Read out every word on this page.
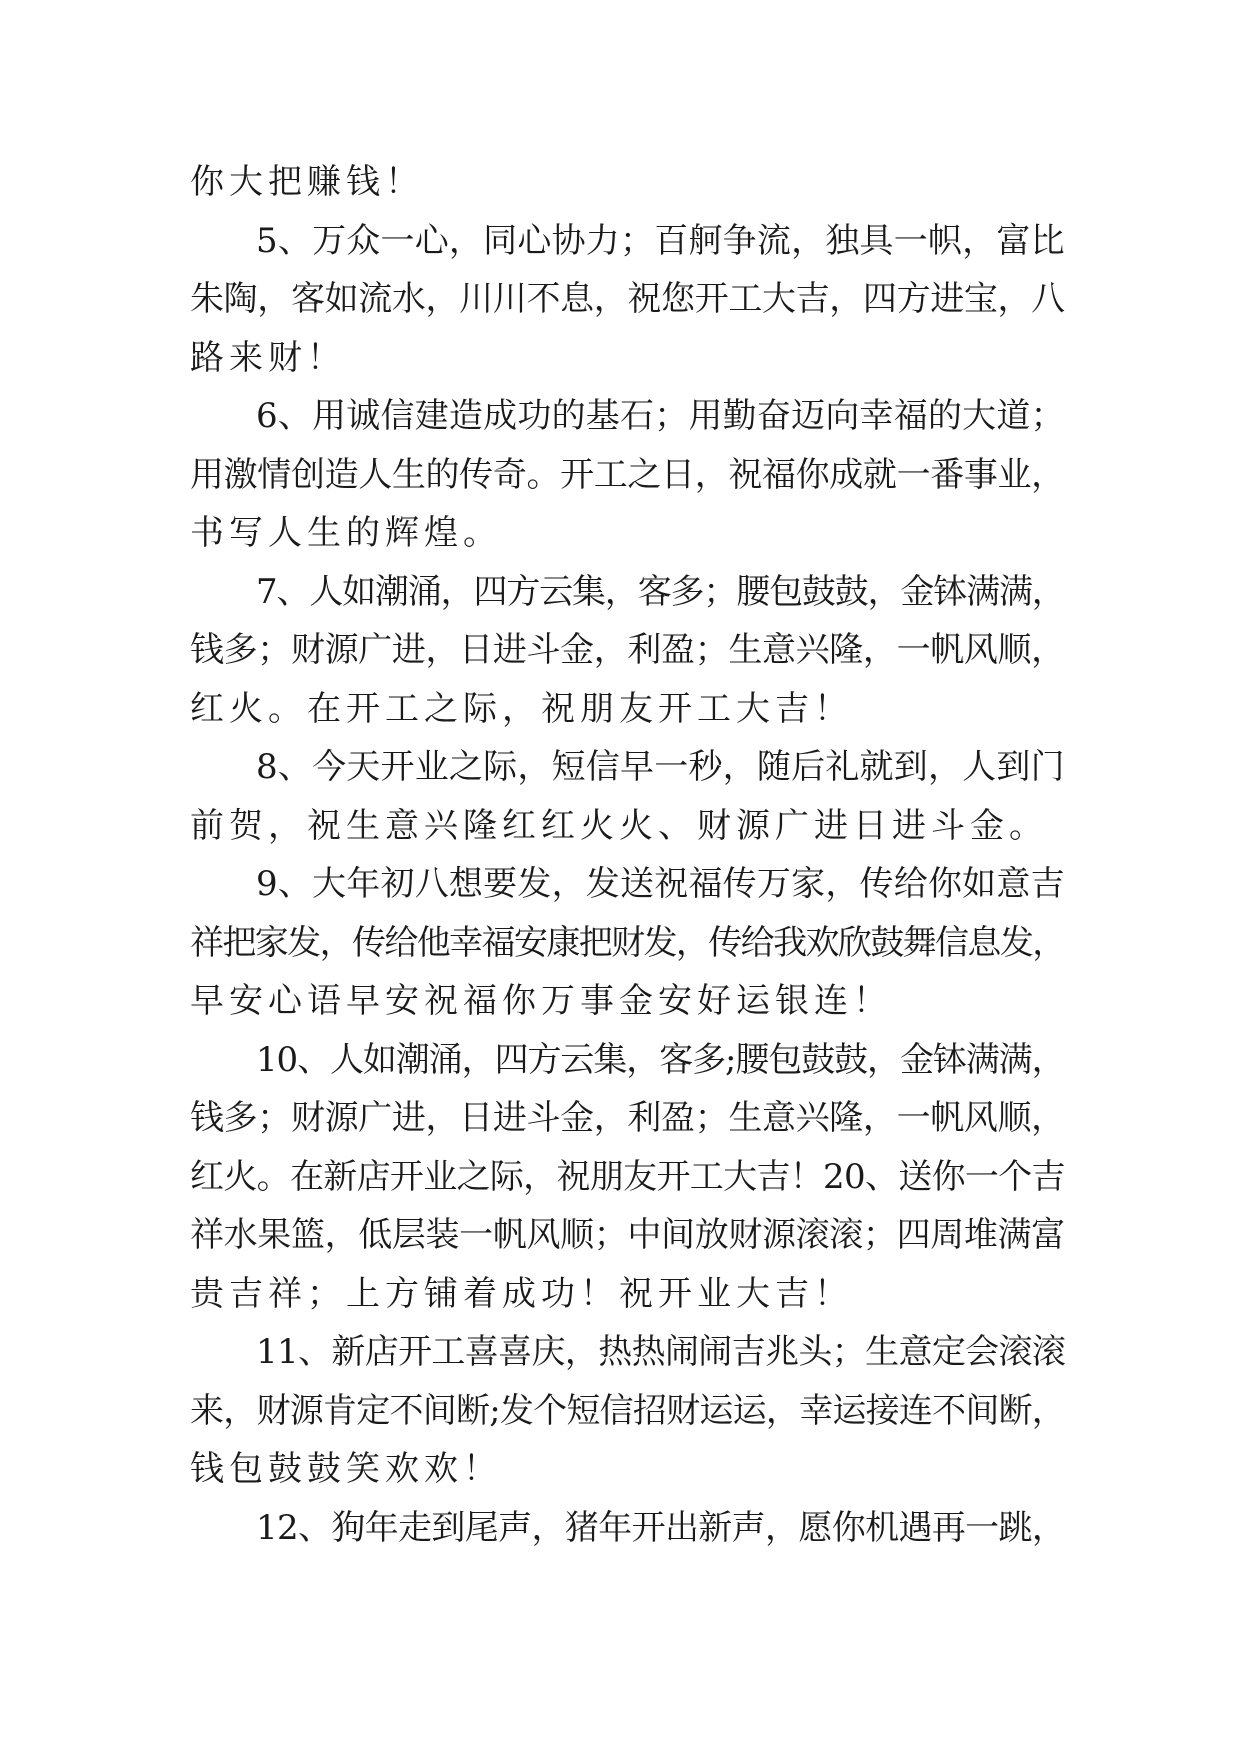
你大把赚钱！
5、万众一心，同心协力；百舸争流，独具一帜，富比
朱陶，客如流水，川川不息，祝您开工大吉，四方进宝，八
路来财！
6、用诚信建造成功的基石；用勤奋迈向幸福的大道；
用激情创造人生的传奇。开工之日，祝福你成就一番事业，
书写人生的辉煌。
7、人如潮涌，四方云集，客多；腰包鼓鼓，金钵满满，
钱多；财源广进，日进斗金，利盈；生意兴隆，一帆风顺，
红火。在开工之际，祝朋友开工大吉！
8、今天开业之际，短信早一秒，随后礼就到，人到门
前贺，祝生意兴隆红红火火、财源广进日进斗金。
9、大年初八想要发，发送祝福传万家，传给你如意吉
祥把家发，传给他幸福安康把财发，传给我欢欣鼓舞信息发，
早安心语早安祝福你万事金安好运银连！
10、人如潮涌，四方云集，客多;腰包鼓鼓，金钵满满，
钱多；财源广进，日进斗金，利盈；生意兴隆，一帆风顺，
红火。在新店开业之际，祝朋友开工大吉！20、送你一个吉
祥水果篮，低层装一帆风顺；中间放财源滚滚；四周堆满富
贵吉祥；上方铺着成功！祝开业大吉！
11、新店开工喜喜庆，热热闹闹吉兆头；生意定会滚滚
来，财源肯定不间断;发个短信招财运运，幸运接连不间断，
钱包鼓鼓笑欢欢！
12、狗年走到尾声，猪年开出新声，愿你机遇再一跳，
